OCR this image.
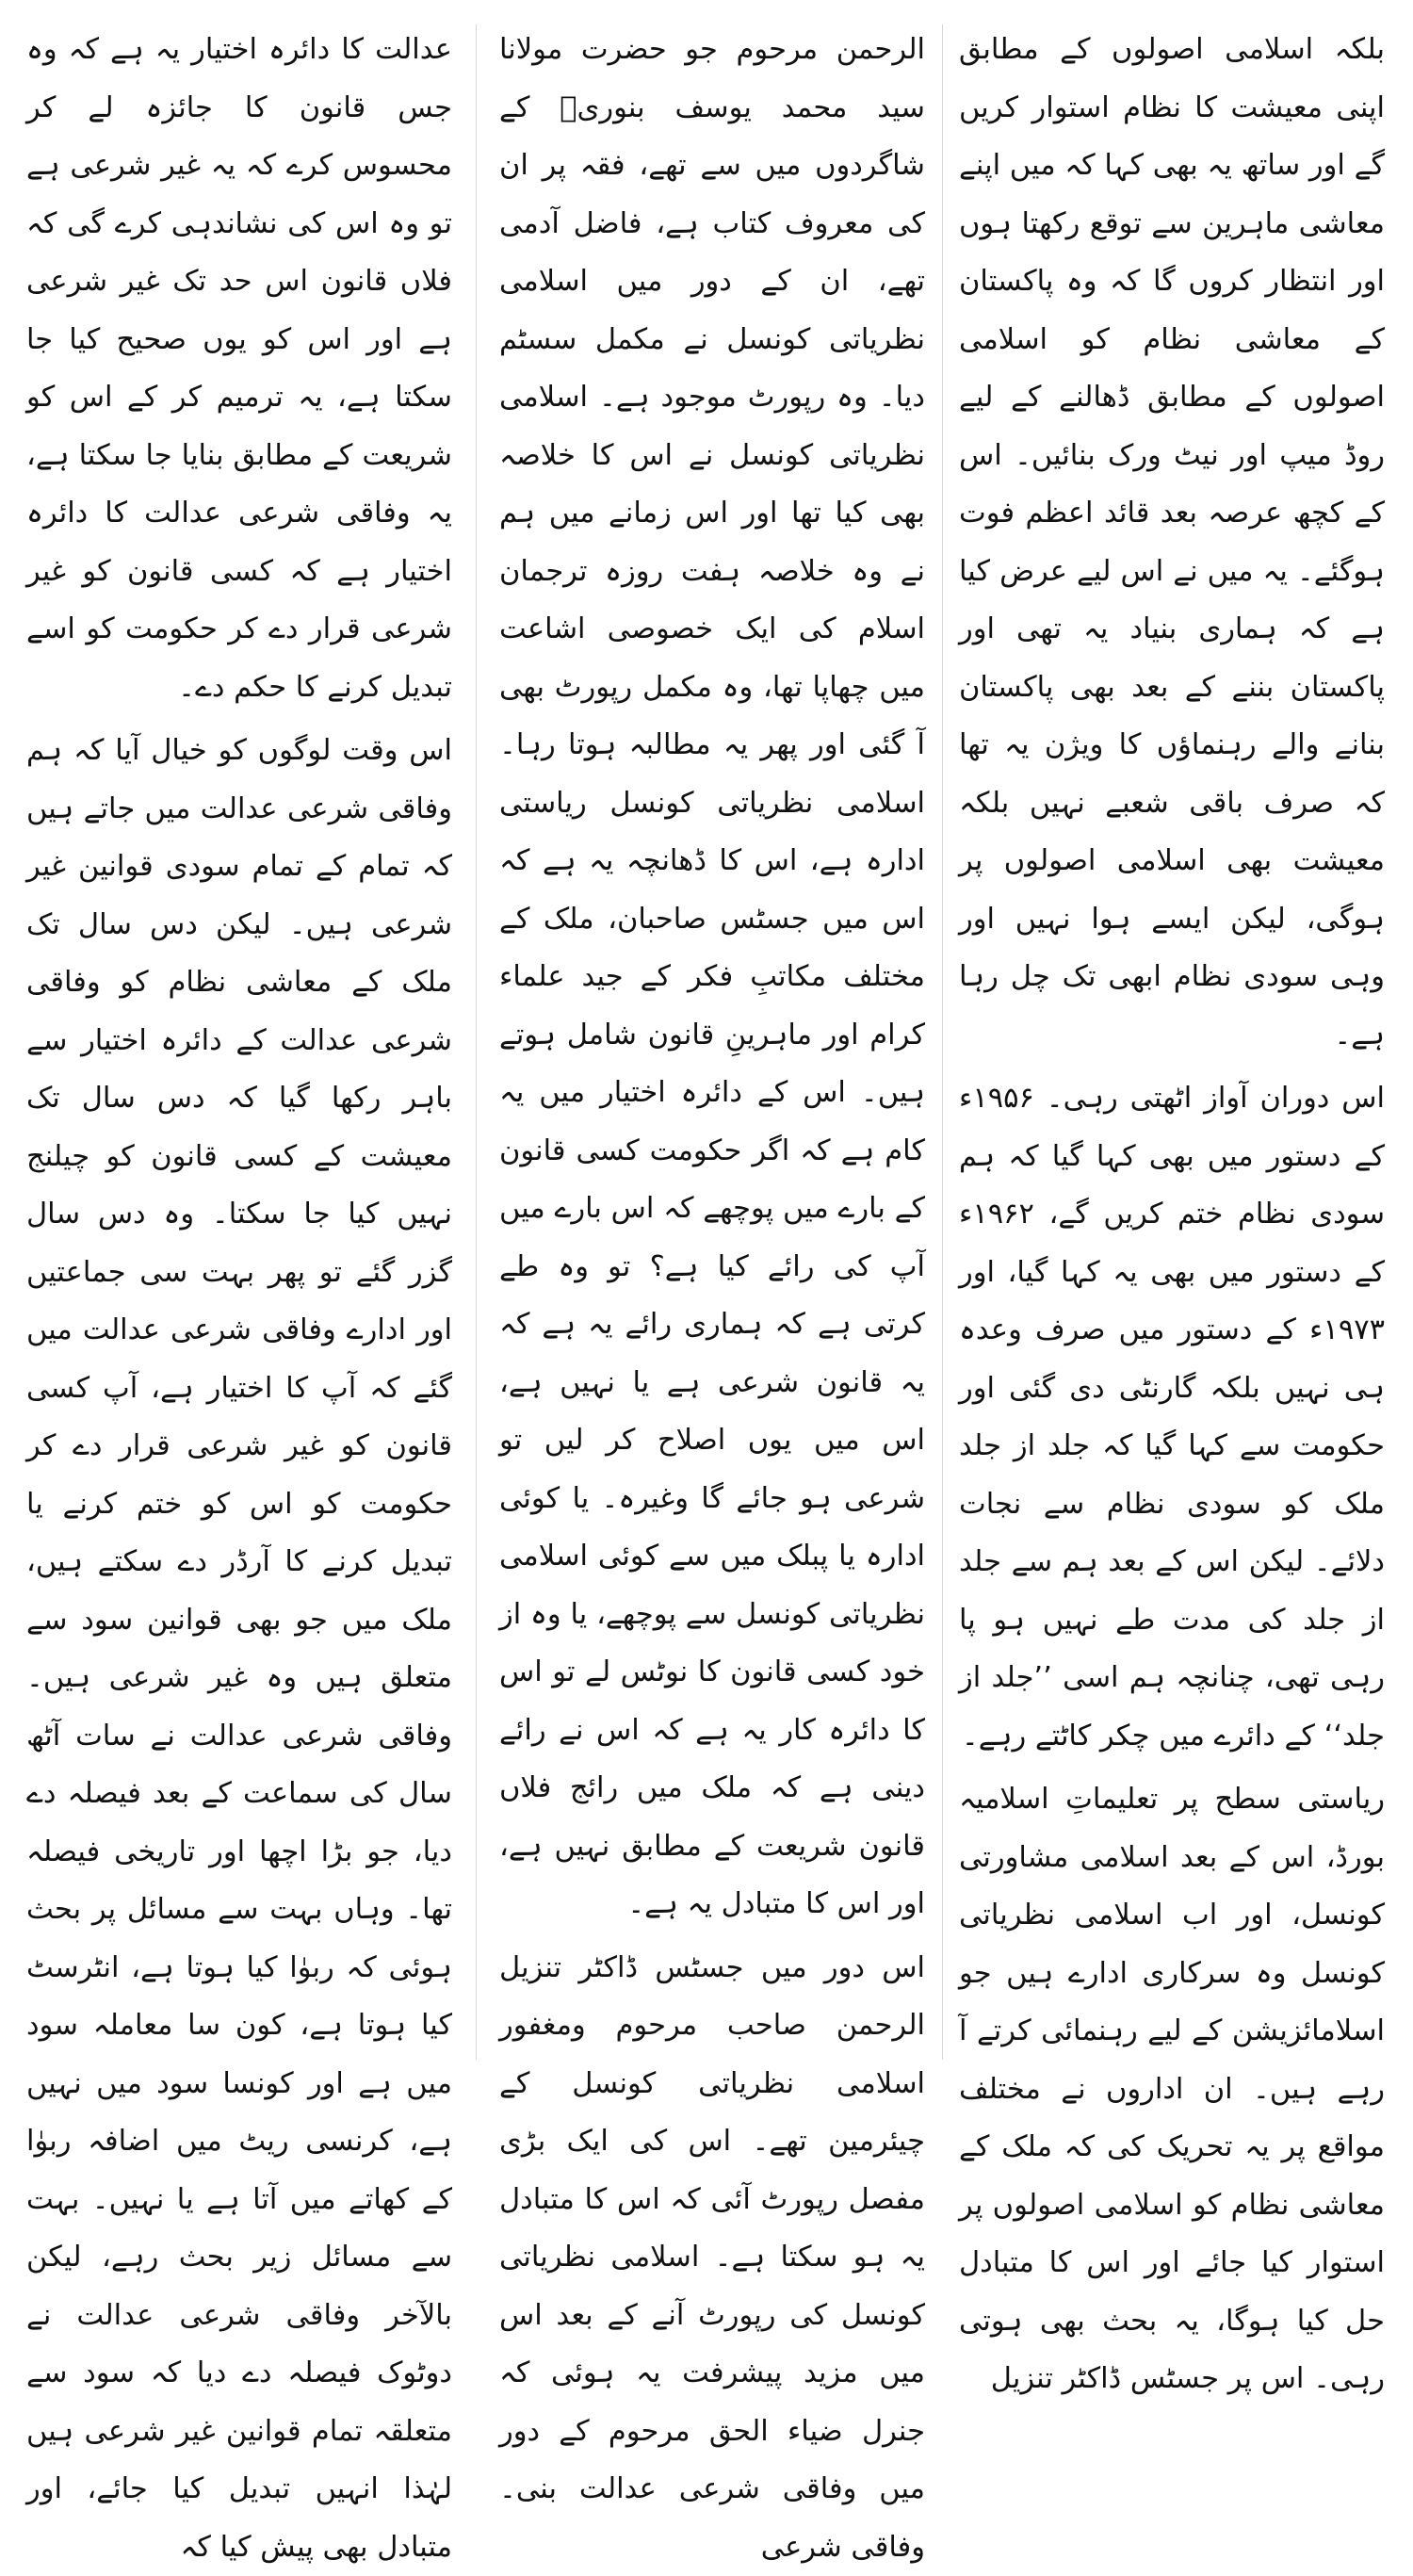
بلکہ اسلامی اصولوں کے مطابق اپنی معیشت کا نظام استوار کریں گے اور ساتھ یہ بھی کہا کہ میں اپنے معاشی ماہرین سے توقع رکھتا ہوں اور انتظار کروں گا کہ وہ پاکستان کے معاشی نظام کو اسلامی اصولوں کے مطابق ڈھالنے کے لیے روڈ میپ اور نیٹ ورک بنائیں۔ اس کے کچھ عرصہ بعد قائد اعظم فوت ہوگئے۔ یہ میں نے اس لیے عرض کیا ہے کہ ہماری بنیاد یہ تھی اور پاکستان بننے کے بعد بھی پاکستان بنانے والے رہنماؤں کا ویژن یہ تھا کہ صرف باقی شعبے نہیں بلکہ معیشت بھی اسلامی اصولوں پر ہوگی، لیکن ایسے ہوا نہیں اور وہی سودی نظام ابھی تک چل رہا ہے۔

اس دوران آواز اٹھتی رہی۔ ۱۹۵۶ء کے دستور میں بھی کہا گیا کہ ہم سودی نظام ختم کریں گے، ۱۹۶۲ء کے دستور میں بھی یہ کہا گیا، اور ۱۹۷۳ء کے دستور میں صرف وعدہ ہی نہیں بلکہ گارنٹی دی گئی اور حکومت سے کہا گیا کہ جلد از جلد ملک کو سودی نظام سے نجات دلائے۔ لیکن اس کے بعد ہم سے جلد از جلد کی مدت طے نہیں ہو پا رہی تھی، چنانچہ ہم اسی ’’جلد از جلد‘‘ کے دائرے میں چکر کاٹتے رہے۔

ریاستی سطح پر تعلیماتِ اسلامیہ بورڈ، اس کے بعد اسلامی مشاورتی کونسل، اور اب اسلامی نظریاتی کونسل وہ سرکاری ادارے ہیں جو اسلامائزیشن کے لیے رہنمائی کرتے آ رہے ہیں۔ ان اداروں نے مختلف مواقع پر یہ تحریک کی کہ ملک کے معاشی نظام کو اسلامی اصولوں پر استوار کیا جائے اور اس کا متبادل حل کیا ہوگا، یہ بحث بھی ہوتی رہی۔ اس پر جسٹس ڈاکٹر تنزیل

الرحمن مرحوم جو حضرت مولانا سید محمد یوسف بنوریؒ کے شاگردوں میں سے تھے، فقہ پر ان کی معروف کتاب ہے، فاضل آدمی تھے، ان کے دور میں اسلامی نظریاتی کونسل نے مکمل سسٹم دیا۔ وہ رپورٹ موجود ہے۔ اسلامی نظریاتی کونسل نے اس کا خلاصہ بھی کیا تھا اور اس زمانے میں ہم نے وہ خلاصہ ہفت روزہ ترجمان اسلام کی ایک خصوصی اشاعت میں چھاپا تھا، وہ مکمل رپورٹ بھی آ گئی اور پھر یہ مطالبہ ہوتا رہا۔ اسلامی نظریاتی کونسل ریاستی ادارہ ہے، اس کا ڈھانچہ یہ ہے کہ اس میں جسٹس صاحبان، ملک کے مختلف مکاتبِ فکر کے جید علماء کرام اور ماہرینِ قانون شامل ہوتے ہیں۔ اس کے دائرہ اختیار میں یہ کام ہے کہ اگر حکومت کسی قانون کے بارے میں پوچھے کہ اس بارے میں آپ کی رائے کیا ہے؟ تو وہ طے کرتی ہے کہ ہماری رائے یہ ہے کہ یہ قانون شرعی ہے یا نہیں ہے، اس میں یوں اصلاح کر لیں تو شرعی ہو جائے گا وغیرہ۔ یا کوئی ادارہ یا پبلک میں سے کوئی اسلامی نظریاتی کونسل سے پوچھے، یا وہ از خود کسی قانون کا نوٹس لے تو اس کا دائرہ کار یہ ہے کہ اس نے رائے دینی ہے کہ ملک میں رائج فلاں قانون شریعت کے مطابق نہیں ہے، اور اس کا متبادل یہ ہے۔

اس دور میں جسٹس ڈاکٹر تنزیل الرحمن صاحب مرحوم ومغفور اسلامی نظریاتی کونسل کے چیئرمین تھے۔ اس کی ایک بڑی مفصل رپورٹ آئی کہ اس کا متبادل یہ ہو سکتا ہے۔ اسلامی نظریاتی کونسل کی رپورٹ آنے کے بعد اس میں مزید پیشرفت یہ ہوئی کہ جنرل ضیاء الحق مرحوم کے دور میں وفاقی شرعی عدالت بنی۔ وفاقی شرعی

عدالت کا دائرہ اختیار یہ ہے کہ وہ جس قانون کا جائزہ لے کر محسوس کرے کہ یہ غیر شرعی ہے تو وہ اس کی نشاندہی کرے گی کہ فلاں قانون اس حد تک غیر شرعی ہے اور اس کو یوں صحیح کیا جا سکتا ہے، یہ ترمیم کر کے اس کو شریعت کے مطابق بنایا جا سکتا ہے، یہ وفاقی شرعی عدالت کا دائرہ اختیار ہے کہ کسی قانون کو غیر شرعی قرار دے کر حکومت کو اسے تبدیل کرنے کا حکم دے۔

اس وقت لوگوں کو خیال آیا کہ ہم وفاقی شرعی عدالت میں جاتے ہیں کہ تمام کے تمام سودی قوانین غیر شرعی ہیں۔ لیکن دس سال تک ملک کے معاشی نظام کو وفاقی شرعی عدالت کے دائرہ اختیار سے باہر رکھا گیا کہ دس سال تک معیشت کے کسی قانون کو چیلنج نہیں کیا جا سکتا۔ وہ دس سال گزر گئے تو پھر بہت سی جماعتیں اور ادارے وفاقی شرعی عدالت میں گئے کہ آپ کا اختیار ہے، آپ کسی قانون کو غیر شرعی قرار دے کر حکومت کو اس کو ختم کرنے یا تبدیل کرنے کا آرڈر دے سکتے ہیں، ملک میں جو بھی قوانین سود سے متعلق ہیں وہ غیر شرعی ہیں۔ وفاقی شرعی عدالت نے سات آٹھ سال کی سماعت کے بعد فیصلہ دے دیا، جو بڑا اچھا اور تاریخی فیصلہ تھا۔ وہاں بہت سے مسائل پر بحث ہوئی کہ ربوٰا کیا ہوتا ہے، انٹرسٹ کیا ہوتا ہے، کون سا معاملہ سود میں ہے اور کونسا سود میں نہیں ہے، کرنسی ریٹ میں اضافہ ربوٰا کے کھاتے میں آتا ہے یا نہیں۔ بہت سے مسائل زیر بحث رہے، لیکن بالآخر وفاقی شرعی عدالت نے دوٹوک فیصلہ دے دیا کہ سود سے متعلقہ تمام قوانین غیر شرعی ہیں لہٰذا انہیں تبدیل کیا جائے، اور متبادل بھی پیش کیا کہ
